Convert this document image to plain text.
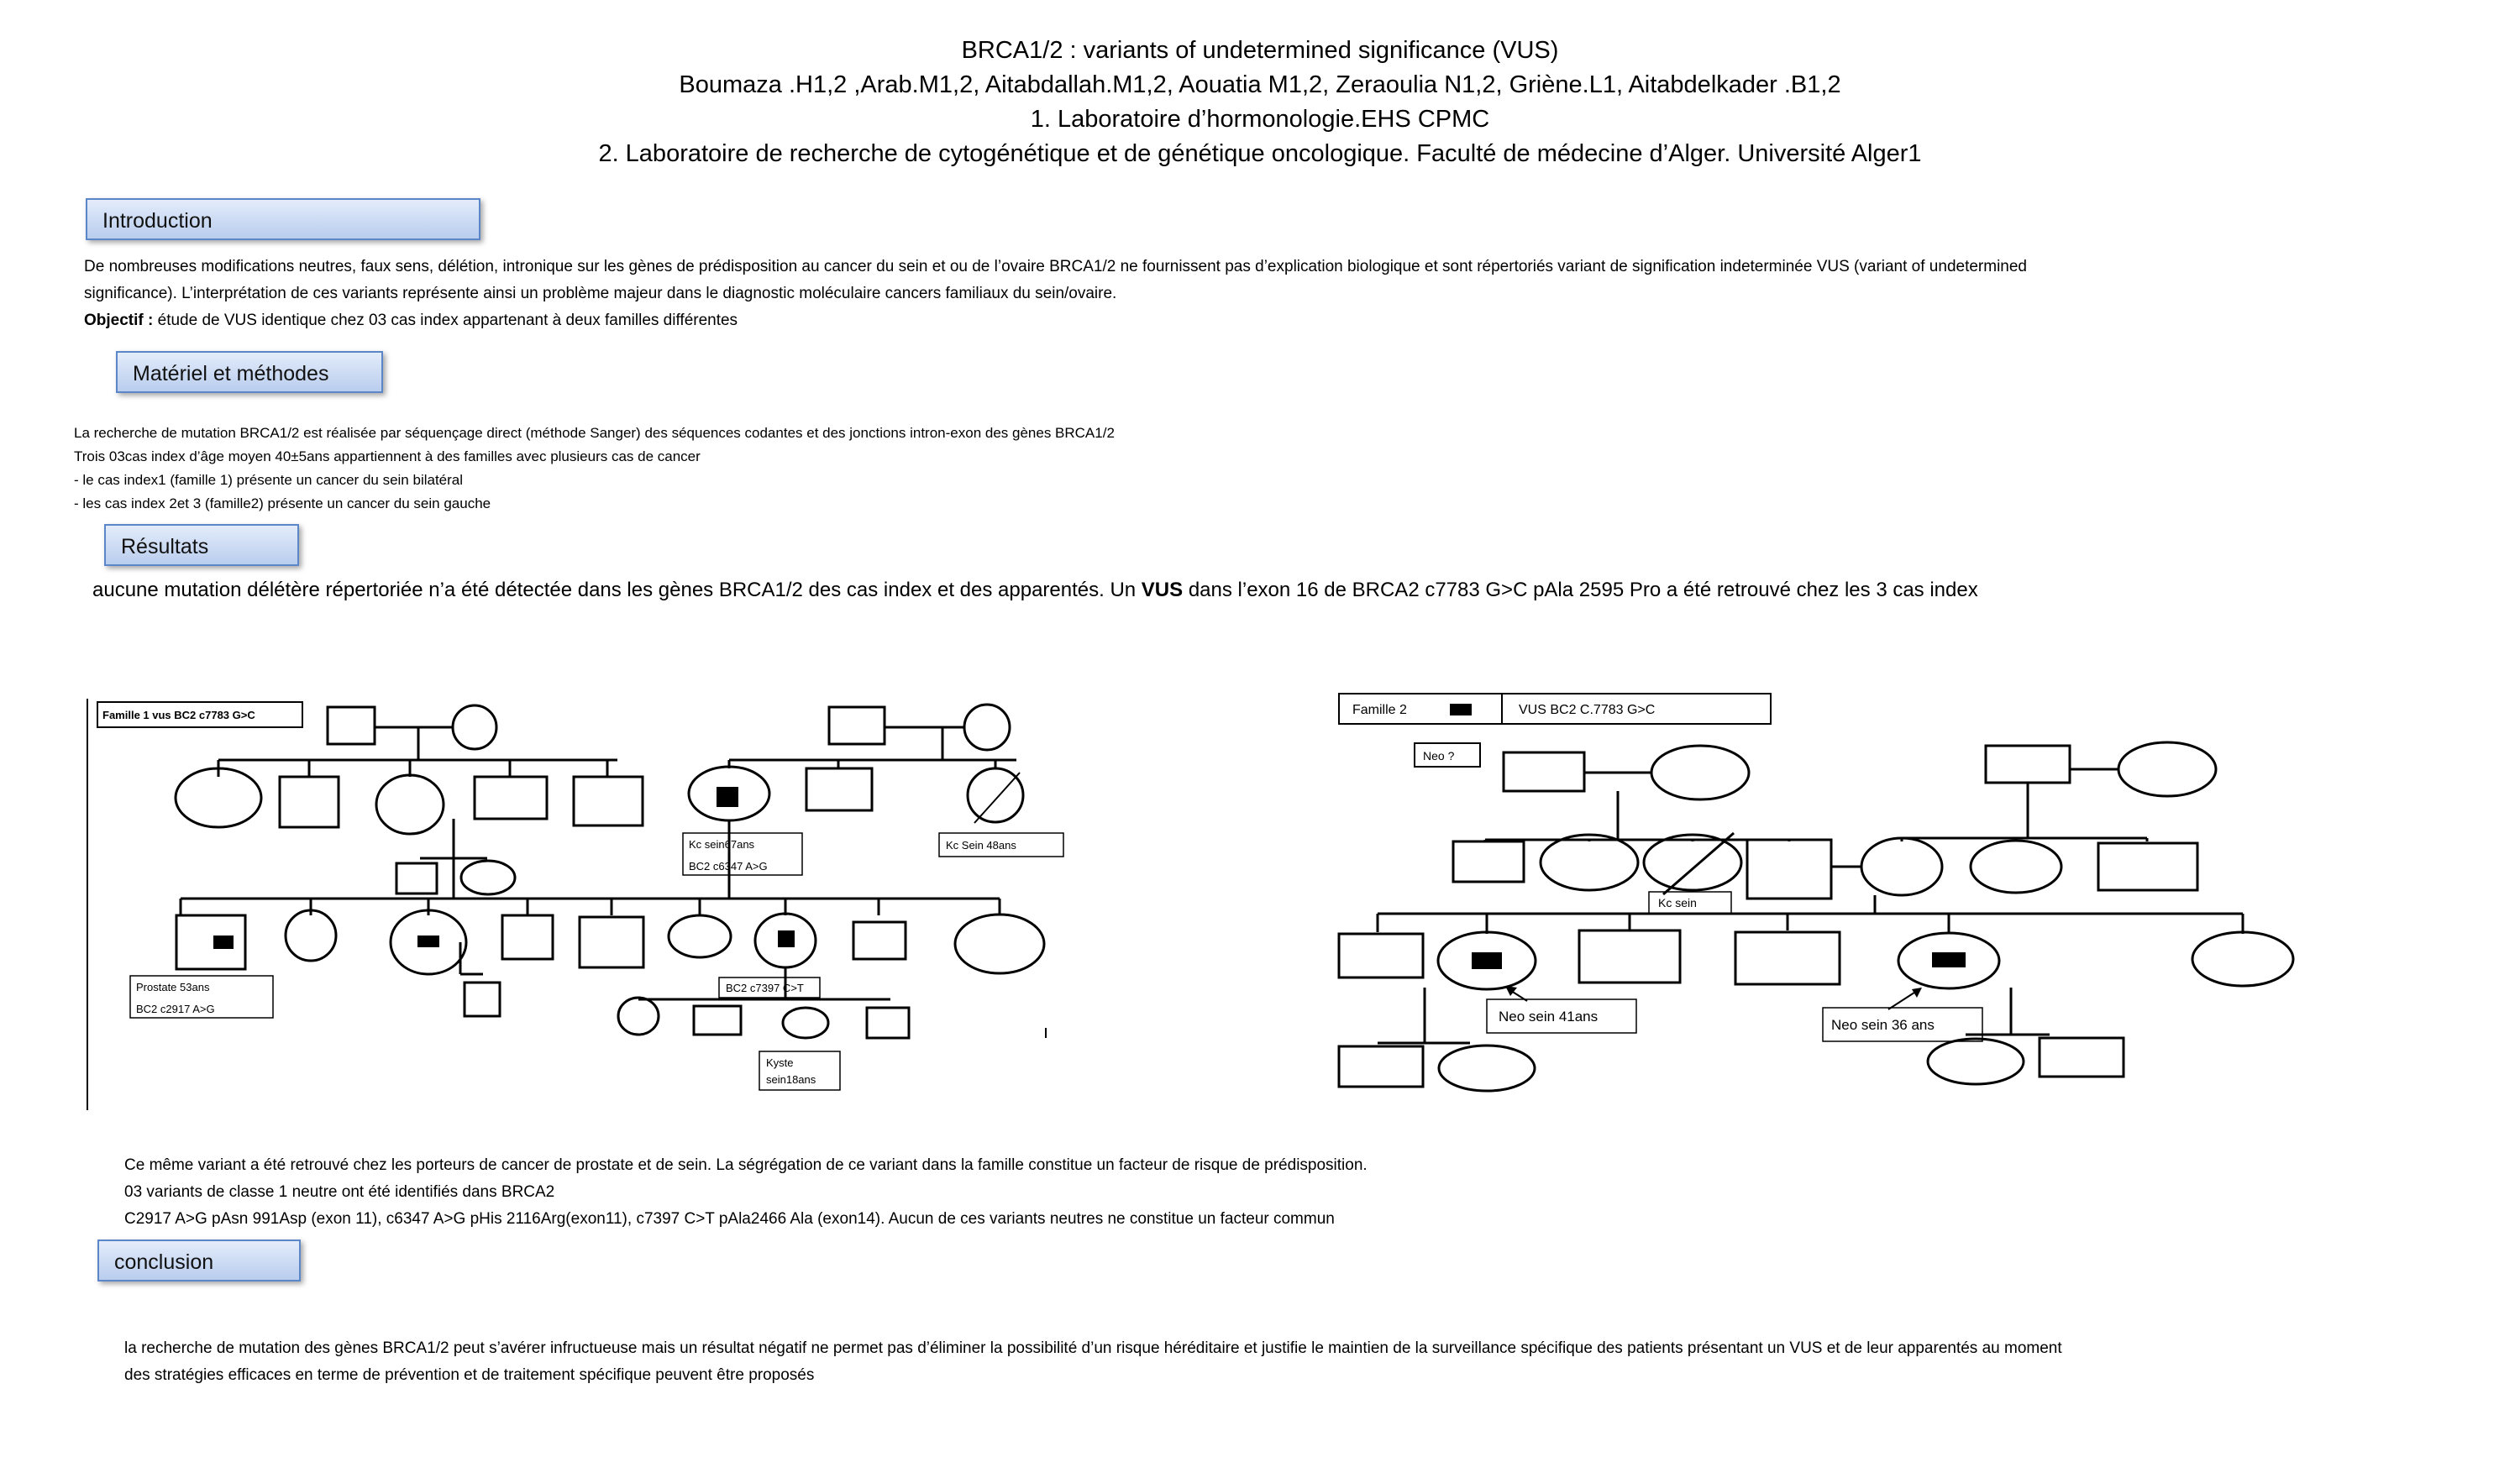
BRCA1/2 : variants of undetermined significance (VUS)
Boumaza .H1,2 ,Arab.M1,2, Aitabdallah.M1,2, Aouatia M1,2, Zeraoulia N1,2, Griène.L1, Aitabdelkader .B1,2
1. Laboratoire d’hormonologie.EHS CPMC
2. Laboratoire de recherche de cytogénétique et de génétique oncologique. Faculté de médecine d’Alger. Université Alger1
Introduction
De nombreuses modifications neutres, faux sens, délétion, intronique sur les gènes de prédisposition au cancer du sein et ou de l’ovaire BRCA1/2 ne fournissent pas d’explication biologique et sont répertoriés variant de signification indeterminée VUS (variant of undetermined
significance). L’interprétation de ces variants représente ainsi un problème majeur dans le diagnostic moléculaire cancers familiaux du sein/ovaire.
Objectif : étude de VUS identique chez 03 cas index appartenant à deux familles différentes
Matériel et méthodes
La recherche de mutation BRCA1/2 est réalisée par séquençage direct (méthode Sanger) des séquences codantes et des jonctions intron-exon des gènes BRCA1/2
Trois 03cas index d’âge moyen 40±5ans appartiennent à des familles avec plusieurs cas de cancer
- le cas index1 (famille 1) présente un cancer du sein bilatéral
- les cas index 2et 3 (famille2) présente un cancer du sein gauche
Résultats
aucune mutation délétère répertoriée n’a été détectée dans les gènes BRCA1/2 des cas index et des apparentés. Un VUS dans l’exon 16 de BRCA2 c7783 G>C pAla 2595 Pro a été retrouvé chez les 3 cas index
Famille 1 vus BC2 c7783 G>C
Kc sein67ans
BC2 c6347 A>G
Kc Sein 48ans
Prostate 53ans
BC2 c2917 A>G
BC2 c7397 C>T
Kyste
sein18ans
Famille 2	VUS BC2 C.7783 G>C
Neo ?
Kc sein
Neo sein 41ans
Neo sein 36 ans
Ce même variant a été retrouvé chez les porteurs de cancer de prostate et de sein. La ségrégation de ce variant dans la famille constitue un facteur de risque de prédisposition.
03 variants de classe 1 neutre ont été identifiés dans BRCA2
C2917 A>G pAsn 991Asp (exon 11), c6347 A>G pHis 2116Arg(exon11), c7397 C>T pAla2466 Ala (exon14). Aucun de ces variants neutres ne constitue un facteur commun
conclusion
la recherche de mutation des gènes BRCA1/2 peut s’avérer infructueuse mais un résultat négatif ne permet pas d’éliminer la possibilité d’un risque héréditaire et justifie le maintien de la surveillance spécifique des patients présentant un VUS et de leur apparentés au moment
des stratégies efficaces en terme de prévention et de traitement spécifique peuvent être proposés
